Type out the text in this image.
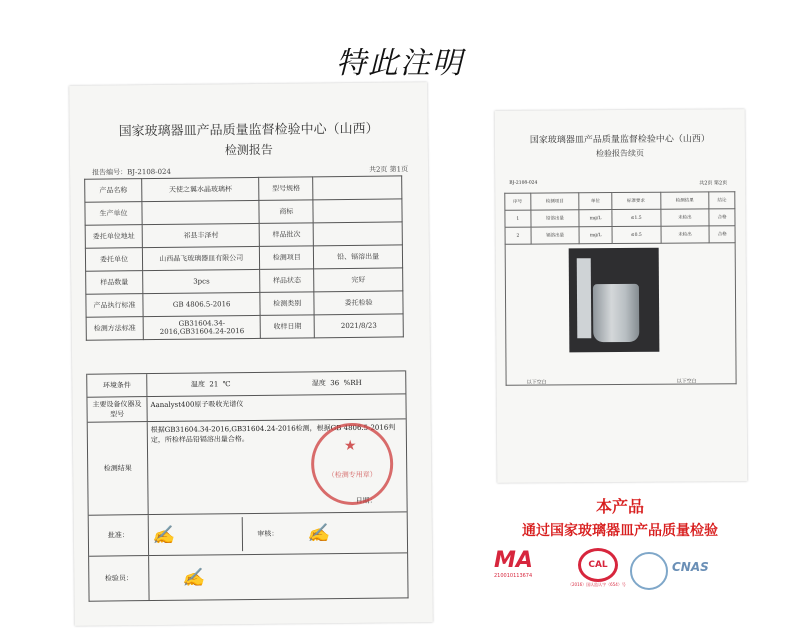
特此注明
国家玻璃器皿产品质量监督检验中心（山西）
检测报告
报告编号：BJ-2108-024	共2页 第1页
产品名称	天使之翼水晶玻璃杯	型号规格	
生产单位		商标	
委托单位地址	祁县丰泽村	样品批次	
委托单位	山西晶飞玻璃器皿有限公司	检测项目	铅、镉溶出量
样品数量	3pcs	样品状态	完好
产品执行标准	GB 4806.5-2016	检测类别	委托检验
检测方法标准	GB31604.34-2016,GB31604.24-2016	收样日期	2021/8/23
环境条件	温度 21 ℃	湿度 36 %RH
主要设备仪器及型号
Aanalyst400原子吸收光谱仪
检测结果
根据GB31604.34-2016,GB31604.24-2016检测，根据GB 4806.5-2016判定，所检样品铅镉溶出量合格。
日期：
批准：	✍	审核：	✍
检验员：	✍
★
（检测专用章）
国家玻璃器皿产品质量监督检验中心（山西）
检验报告续页
BJ-2108-024	共2页 第2页
序号	检测项目	单位	标准要求	检测结果	结论
1	铅溶出量	mg/L	≤1.5	未检出	合格
2	镉溶出量	mg/L	≤0.5	未检出	合格
以下空白	以下空白
本产品
通过国家玻璃器皿产品质量检验
MA
210010113674
CAL
（2016）国认监认字（654）号
CNAS
